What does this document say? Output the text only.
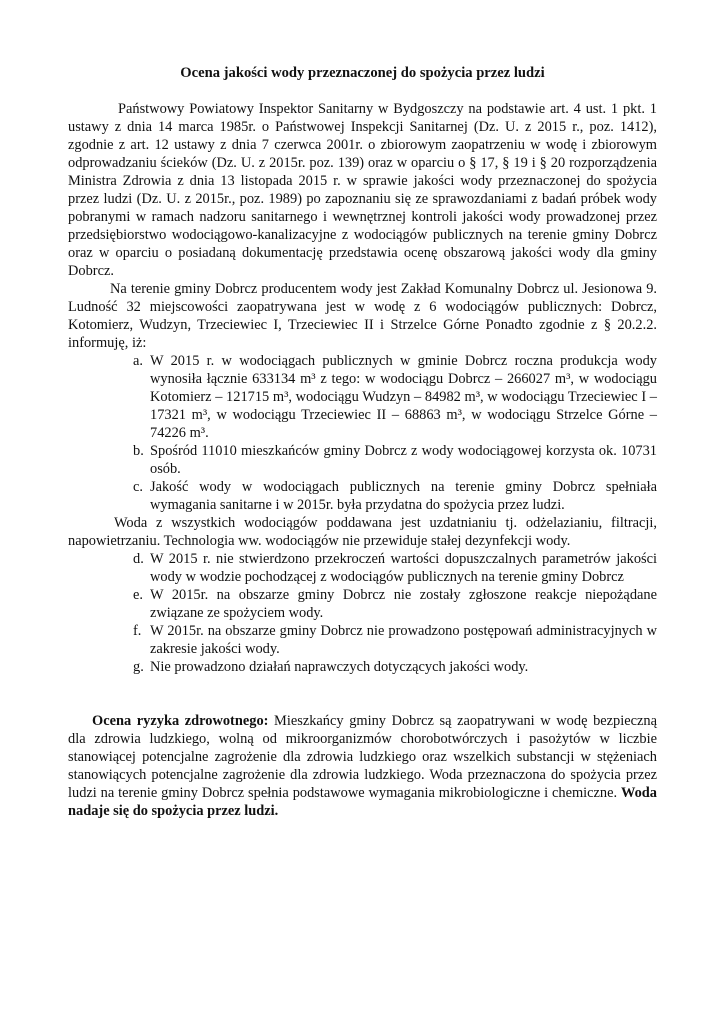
Ocena jakości wody przeznaczonej do spożycia przez ludzi

Państwowy Powiatowy Inspektor Sanitarny w Bydgoszczy na podstawie art. 4 ust. 1 pkt. 1 ustawy z dnia 14 marca 1985r. o Państwowej Inspekcji Sanitarnej (Dz. U. z 2015 r., poz. 1412), zgodnie z art. 12 ustawy z dnia 7 czerwca 2001r. o zbiorowym zaopatrzeniu w wodę i zbiorowym odprowadzaniu ścieków (Dz. U. z 2015r. poz. 139) oraz w oparciu o § 17, § 19 i § 20 rozporządzenia Ministra Zdrowia z dnia 13 listopada 2015 r. w sprawie jakości wody przeznaczonej do spożycia przez ludzi (Dz. U. z 2015r., poz. 1989) po zapoznaniu się ze sprawozdaniami z badań próbek wody pobranymi w ramach nadzoru sanitarnego i wewnętrznej kontroli jakości wody prowadzonej przez przedsiębiorstwo wodociągowo-kanalizacyjne z wodociągów publicznych na terenie gminy Dobrcz oraz w oparciu o posiadaną dokumentację przedstawia ocenę obszarową jakości wody dla gminy Dobrcz.

Na terenie gminy Dobrcz producentem wody jest Zakład Komunalny Dobrcz ul. Jesionowa 9. Ludność 32 miejscowości zaopatrywana jest w wodę z 6 wodociągów publicznych: Dobrcz, Kotomierz, Wudzyn, Trzeciewiec I, Trzeciewiec II i Strzelce Górne Ponadto zgodnie z § 20.2.2. informuję, iż:

a. W 2015 r. w wodociągach publicznych w gminie Dobrcz roczna produkcja wody wynosiła łącznie 633134 m³ z tego: w wodociągu Dobrcz – 266027 m³, w wodociągu Kotomierz – 121715 m³, wodociągu Wudzyn – 84982 m³, w wodociągu Trzeciewiec I – 17321 m³, w wodociągu Trzeciewiec II – 68863 m³, w wodociągu Strzelce Górne – 74226 m³.
b. Spośród 11010 mieszkańców gminy Dobrcz z wody wodociągowej korzysta ok. 10731 osób.
c. Jakość wody w wodociągach publicznych na terenie gminy Dobrcz spełniała wymagania sanitarne i w 2015r. była przydatna do spożycia przez ludzi.

Woda z wszystkich wodociągów poddawana jest uzdatnianiu tj. odżelazianiu, filtracji, napowietrzaniu. Technologia ww. wodociągów nie przewiduje stałej dezynfekcji wody.

d. W 2015 r. nie stwierdzono przekroczeń wartości dopuszczalnych parametrów jakości wody w wodzie pochodzącej z wodociągów publicznych na terenie gminy Dobrcz
e. W 2015r. na obszarze gminy Dobrcz nie zostały zgłoszone reakcje niepożądane związane ze spożyciem wody.
f. W 2015r. na obszarze gminy Dobrcz nie prowadzono postępowań administracyjnych w zakresie jakości wody.
g. Nie prowadzono działań naprawczych dotyczących jakości wody.

Ocena ryzyka zdrowotnego: Mieszkańcy gminy Dobrcz są zaopatrywani w wodę bezpieczną dla zdrowia ludzkiego, wolną od mikroorganizmów chorobotwórczych i pasożytów w liczbie stanowiącej potencjalne zagrożenie dla zdrowia ludzkiego oraz wszelkich substancji w stężeniach stanowiących potencjalne zagrożenie dla zdrowia ludzkiego. Woda przeznaczona do spożycia przez ludzi na terenie gminy Dobrcz spełnia podstawowe wymagania mikrobiologiczne i chemiczne. Woda nadaje się do spożycia przez ludzi.
